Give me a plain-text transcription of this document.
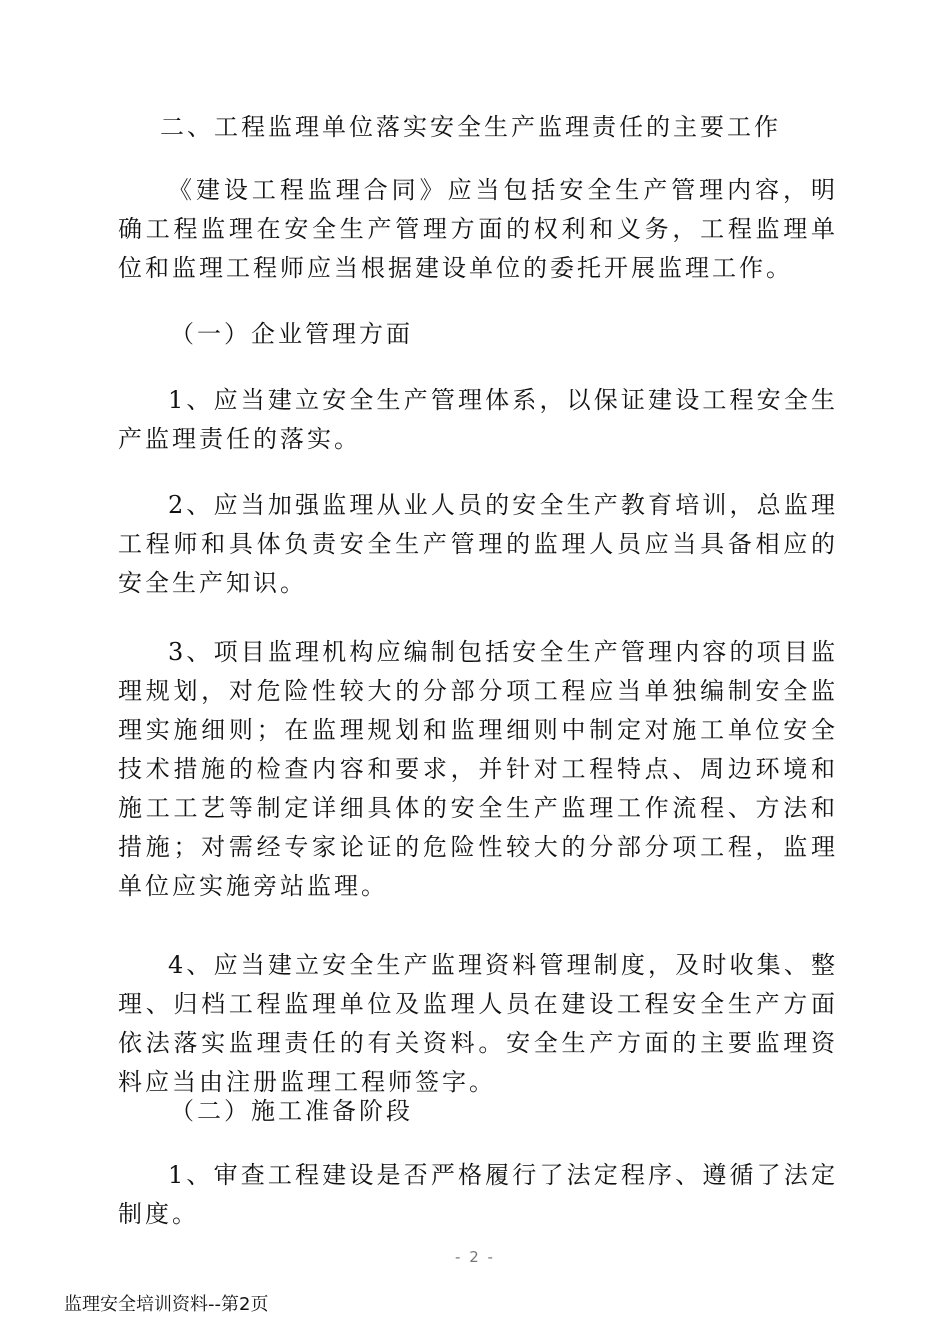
二、工程监理单位落实安全生产监理责任的主要工作

《建设工程监理合同》应当包括安全生产管理内容，明确工程监理在安全生产管理方面的权利和义务，工程监理单位和监理工程师应当根据建设单位的委托开展监理工作。

（一）企业管理方面

1、应当建立安全生产管理体系，以保证建设工程安全生产监理责任的落实。

2、应当加强监理从业人员的安全生产教育培训，总监理工程师和具体负责安全生产管理的监理人员应当具备相应的安全生产知识。

3、项目监理机构应编制包括安全生产管理内容的项目监理规划，对危险性较大的分部分项工程应当单独编制安全监理实施细则；在监理规划和监理细则中制定对施工单位安全技术措施的检查内容和要求，并针对工程特点、周边环境和施工工艺等制定详细具体的安全生产监理工作流程、方法和措施；对需经专家论证的危险性较大的分部分项工程，监理单位应实施旁站监理。

4、应当建立安全生产监理资料管理制度，及时收集、整理、归档工程监理单位及监理人员在建设工程安全生产方面依法落实监理责任的有关资料。安全生产方面的主要监理资料应当由注册监理工程师签字。

（二）施工准备阶段

1、审查工程建设是否严格履行了法定程序、遵循了法定制度。

- 2 -
监理安全培训资料--第2页
